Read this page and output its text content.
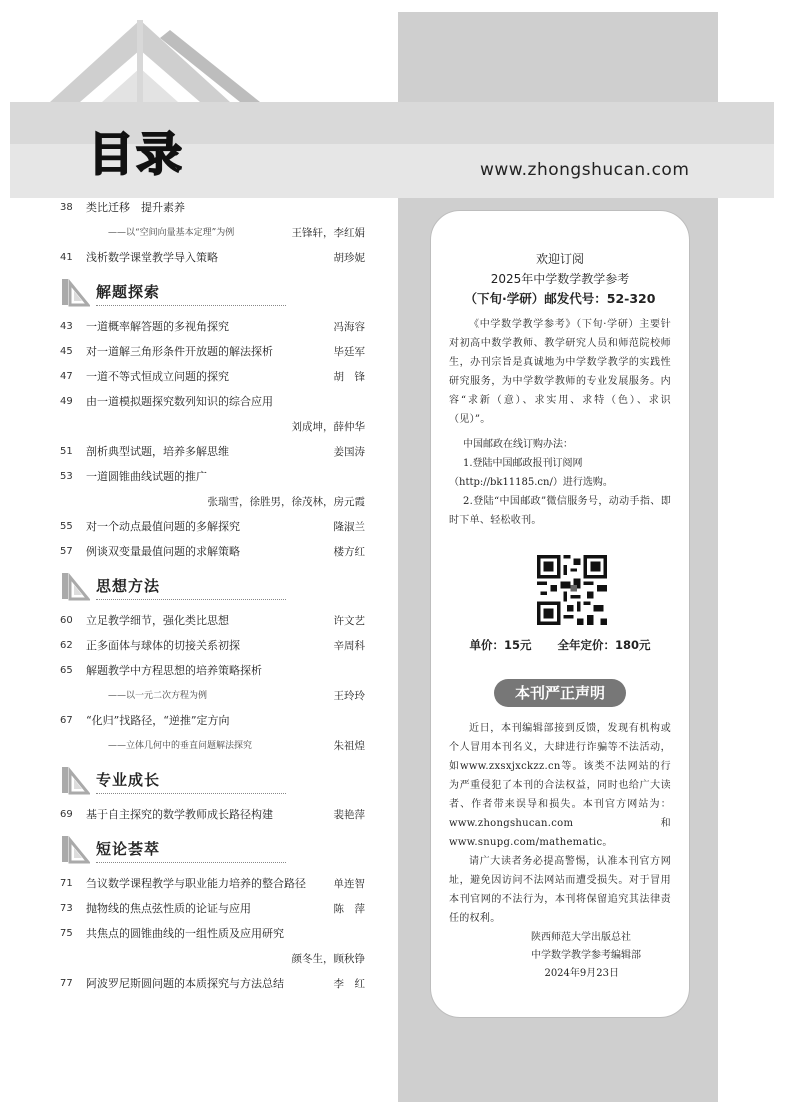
目录	www.zhongshucan.com
38	类比迁移　提升素养
——以“空间向量基本定理”为例	王锋轩，李红娟
41	浅析数学课堂教学导入策略	胡珍妮
解题探索
43	一道概率解答题的多视角探究	冯海容
45	对一道解三角形条件开放题的解法探析	毕廷军
47	一道不等式恒成立问题的探究	胡　锋
49	由一道模拟题探究数列知识的综合应用
刘成坤，薛仲华
51	剖析典型试题，培养多解思维	姜国涛
53	一道圆锥曲线试题的推广
张瑞雪，徐胜男，徐茂林，房元霞
55	对一个动点最值问题的多解探究	隆淑兰
57	例谈双变量最值问题的求解策略	楼方红
思想方法
60	立足教学细节，强化类比思想	许文艺
62	正多面体与球体的切接关系初探	辛周科
65	解题教学中方程思想的培养策略探析
——以一元二次方程为例	王玲玲
67	“化归”找路径，“逆推”定方向
——立体几何中的垂直问题解法探究	朱祖煌
专业成长
69	基于自主探究的数学教师成长路径构建	裴艳萍
短论荟萃
71	刍议数学课程教学与职业能力培养的整合路径	单连智
73	抛物线的焦点弦性质的论证与应用	陈　萍
75	共焦点的圆锥曲线的一组性质及应用研究
颜冬生，顾秋铮
77	阿波罗尼斯圆问题的本质探究与方法总结	李　红
欢迎订阅
2025年中学数学教学参考
（下旬·学研）邮发代号：52-320
《中学数学教学参考》（下旬·学研）主要针对初高中数学教师、教学研究人员和师范院校师生，办刊宗旨是真诚地为中学数学教学的实践性研究服务，为中学数学教师的专业发展服务。内容“求新（意）、求实用、求特（色）、求识（见）”。
中国邮政在线订购办法：
1.登陆中国邮政报刊订阅网
（http://bk11185.cn/）进行选购。
2.登陆“中国邮政”微信服务号，动动手指、即时下单、轻松收刊。
单价：15元 全年定价：180元
本刊严正声明
近日，本刊编辑部接到反馈，发现有机构或个人冒用本刊名义，大肆进行诈骗等不法活动，如www.zxsxjxckzz.cn等。该类不法网站的行为严重侵犯了本刊的合法权益，同时也给广大读者、作者带来误导和损失。本刊官方网站为：www.zhongshucan.com 和 www.snupg.com/mathematic。
请广大读者务必提高警惕，认准本刊官方网址，避免因访问不法网站而遭受损失。对于冒用本刊官网的不法行为，本刊将保留追究其法律责任的权利。
陕西师范大学出版总社
中学数学教学参考编辑部
2024年9月23日
